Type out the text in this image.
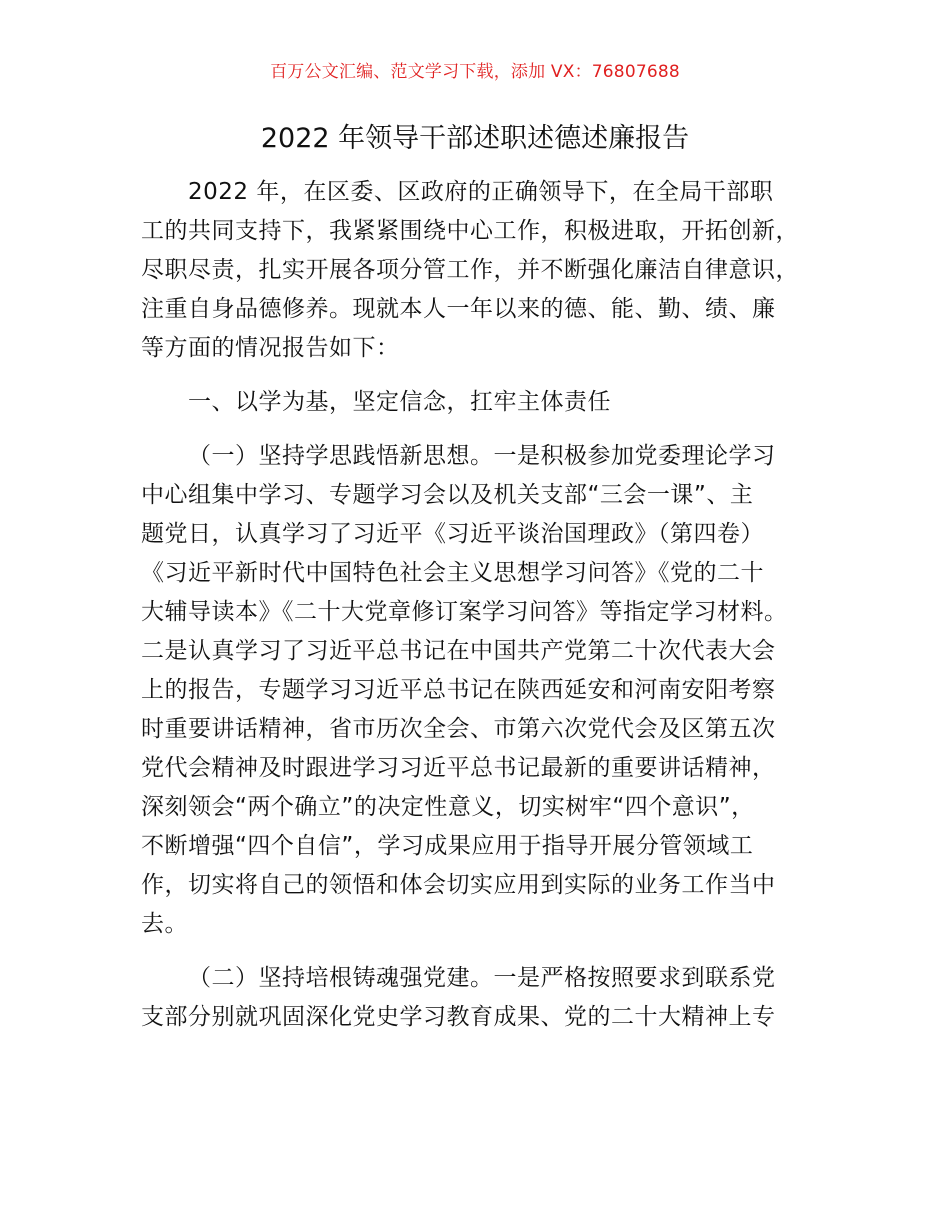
百万公文汇编、范文学习下载，添加 VX：76807688
2022 年领导干部述职述德述廉报告
2022 年，在区委、区政府的正确领导下，在全局干部职
工的共同支持下，我紧紧围绕中心工作，积极进取，开拓创新，
尽职尽责，扎实开展各项分管工作，并不断强化廉洁自律意识，
注重自身品德修养。现就本人一年以来的德、能、勤、绩、廉
等方面的情况报告如下：
一、以学为基，坚定信念，扛牢主体责任
（一）坚持学思践悟新思想。一是积极参加党委理论学习
中心组集中学习、专题学习会以及机关支部“三会一课”、主
题党日，认真学习了习近平《习近平谈治国理政》（第四卷）
《习近平新时代中国特色社会主义思想学习问答》《党的二十
大辅导读本》《二十大党章修订案学习问答》等指定学习材料。
二是认真学习了习近平总书记在中国共产党第二十次代表大会
上的报告，专题学习习近平总书记在陕西延安和河南安阳考察
时重要讲话精神，省市历次全会、市第六次党代会及区第五次
党代会精神及时跟进学习习近平总书记最新的重要讲话精神，
深刻领会“两个确立”的决定性意义，切实树牢“四个意识”，
不断增强“四个自信”，学习成果应用于指导开展分管领域工
作，切实将自己的领悟和体会切实应用到实际的业务工作当中
去。
（二）坚持培根铸魂强党建。一是严格按照要求到联系党
支部分别就巩固深化党史学习教育成果、党的二十大精神上专
